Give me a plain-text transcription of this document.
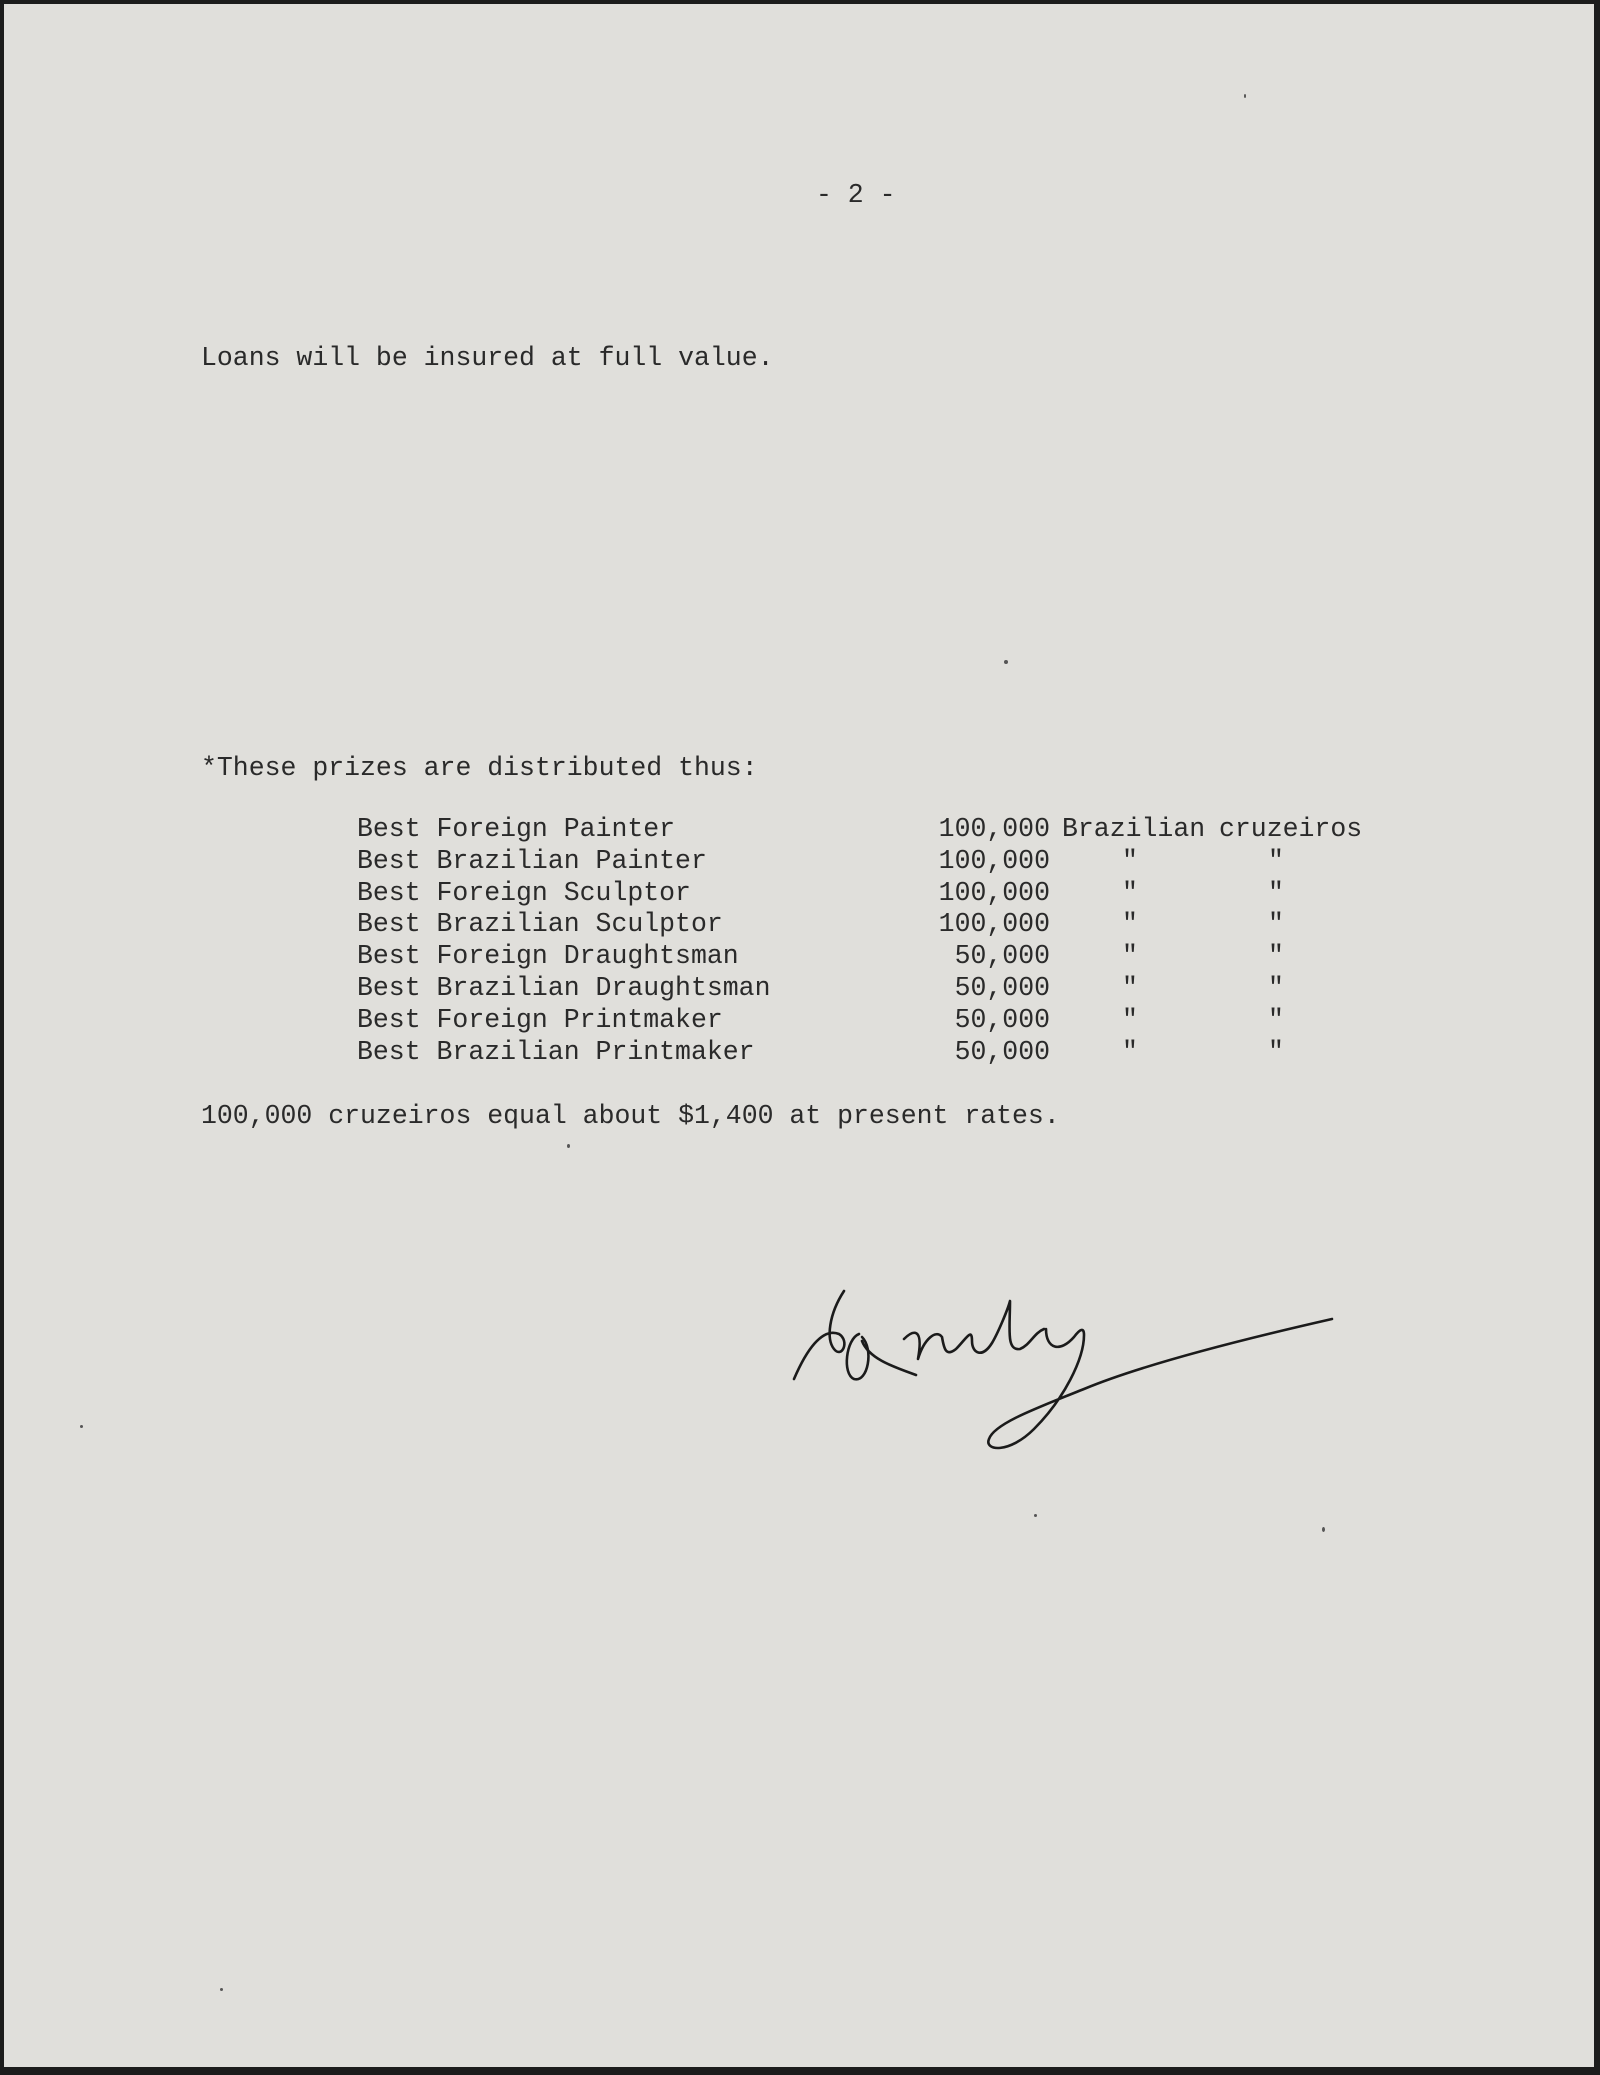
- 2 -
Loans will be insured at full value.
*These prizes are distributed thus:
Best Foreign Painter	100,000 Brazilian cruzeiros
Best Brazilian Painter	100,000	"	"
Best Foreign Sculptor	100,000	"	"
Best Brazilian Sculptor	100,000	"	"
Best Foreign Draughtsman	50,000	"	"
Best Brazilian Draughtsman	50,000	"	"
Best Foreign Printmaker	50,000	"	"
Best Brazilian Printmaker	50,000	"	"
100,000 cruzeiros equal about $1,400 at present rates.
